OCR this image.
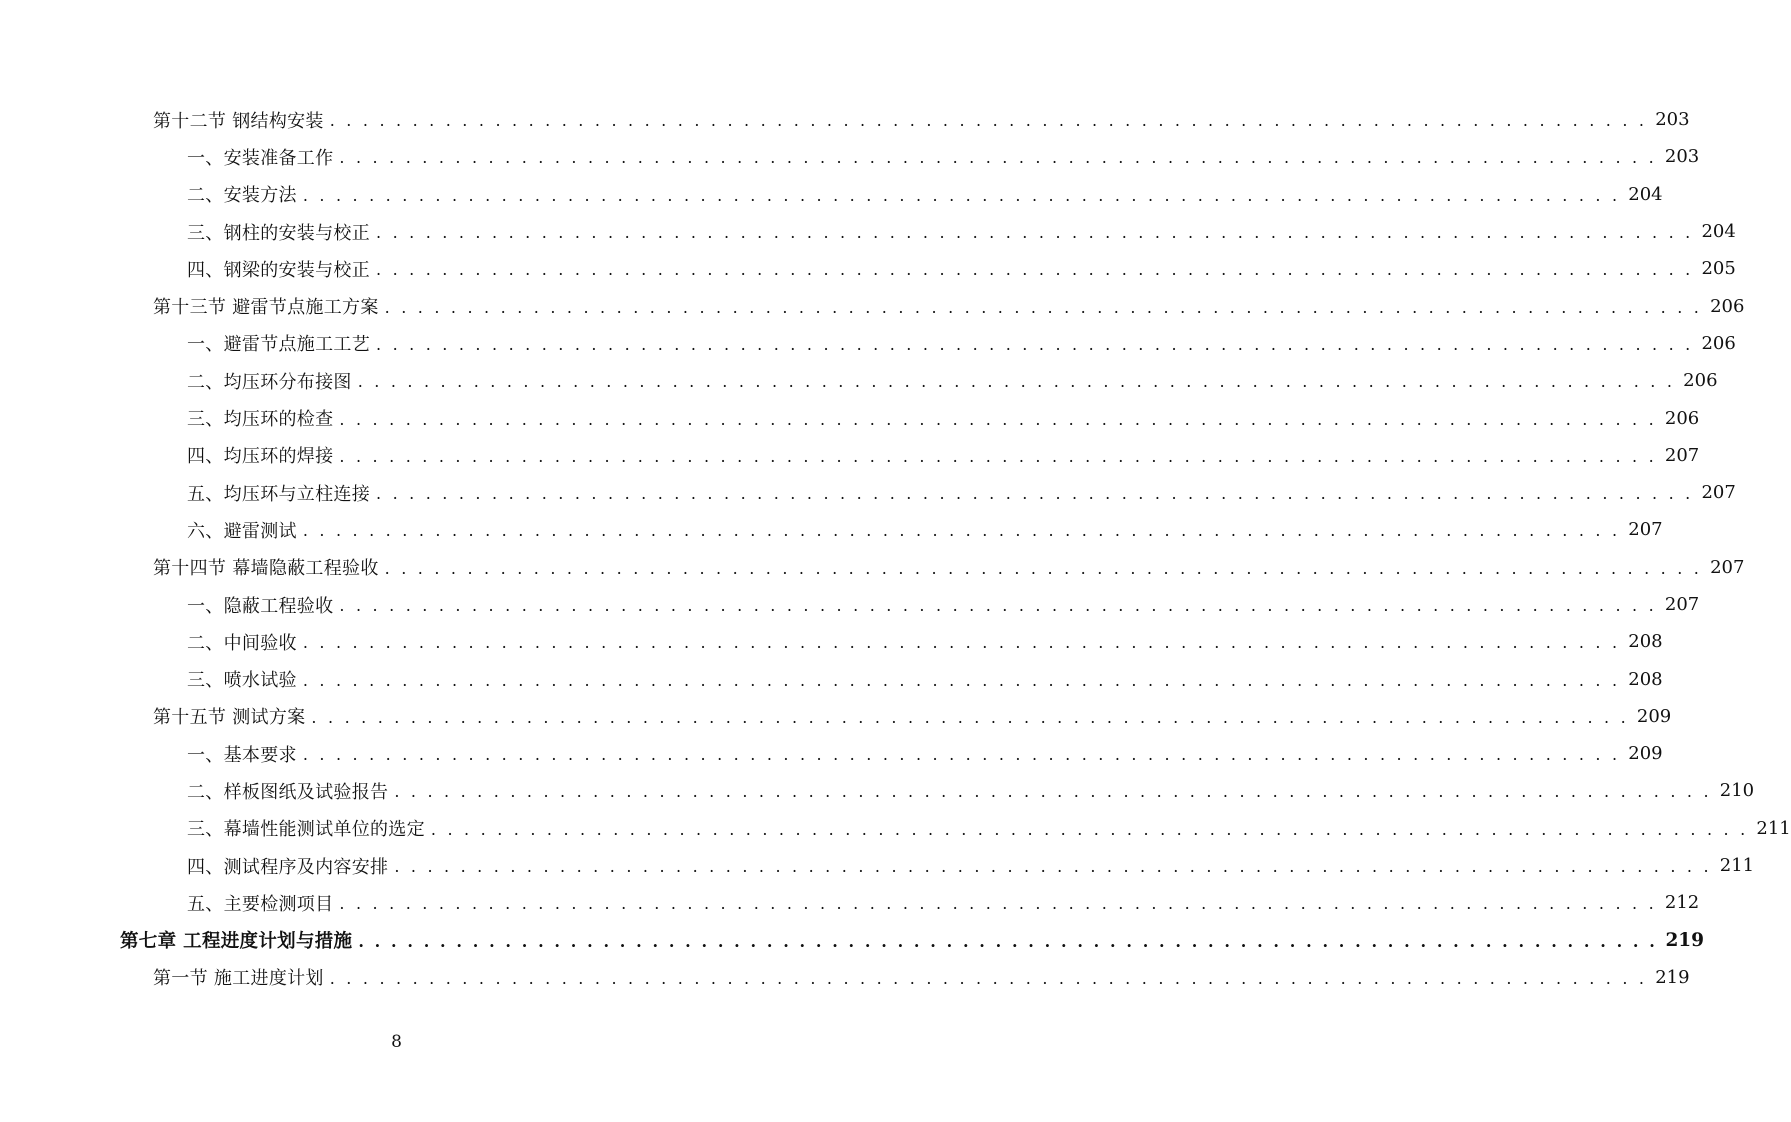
第十二节 钢结构安装 . . . . . . . . . . . . . . . . . . . . . . . . . . . . . . . . . . . . . . . . . . . . . . . . . . . . . . . . . . . . . . . . . . . . . . . . . . . . . . . . 203
一、安装准备工作 . . . . . . . . . . . . . . . . . . . . . . . . . . . . . . . . . . . . . . . . . . . . . . . . . . . . . . . . . . . . . . . . . . . . . . . . . . . . . . . . 203
二、安装方法 . . . . . . . . . . . . . . . . . . . . . . . . . . . . . . . . . . . . . . . . . . . . . . . . . . . . . . . . . . . . . . . . . . . . . . . . . . . . . . . . 204
三、钢柱的安装与校正 . . . . . . . . . . . . . . . . . . . . . . . . . . . . . . . . . . . . . . . . . . . . . . . . . . . . . . . . . . . . . . . . . . . . . . . . . . . . . . . . 204
四、钢梁的安装与校正 . . . . . . . . . . . . . . . . . . . . . . . . . . . . . . . . . . . . . . . . . . . . . . . . . . . . . . . . . . . . . . . . . . . . . . . . . . . . . . . . 205
第十三节 避雷节点施工方案 . . . . . . . . . . . . . . . . . . . . . . . . . . . . . . . . . . . . . . . . . . . . . . . . . . . . . . . . . . . . . . . . . . . . . . . . . . . . . . . . 206
一、避雷节点施工工艺 . . . . . . . . . . . . . . . . . . . . . . . . . . . . . . . . . . . . . . . . . . . . . . . . . . . . . . . . . . . . . . . . . . . . . . . . . . . . . . . . 206
二、均压环分布接图 . . . . . . . . . . . . . . . . . . . . . . . . . . . . . . . . . . . . . . . . . . . . . . . . . . . . . . . . . . . . . . . . . . . . . . . . . . . . . . . . 206
三、均压环的检查 . . . . . . . . . . . . . . . . . . . . . . . . . . . . . . . . . . . . . . . . . . . . . . . . . . . . . . . . . . . . . . . . . . . . . . . . . . . . . . . . 206
四、均压环的焊接 . . . . . . . . . . . . . . . . . . . . . . . . . . . . . . . . . . . . . . . . . . . . . . . . . . . . . . . . . . . . . . . . . . . . . . . . . . . . . . . . 207
五、均压环与立柱连接 . . . . . . . . . . . . . . . . . . . . . . . . . . . . . . . . . . . . . . . . . . . . . . . . . . . . . . . . . . . . . . . . . . . . . . . . . . . . . . . . 207
六、避雷测试 . . . . . . . . . . . . . . . . . . . . . . . . . . . . . . . . . . . . . . . . . . . . . . . . . . . . . . . . . . . . . . . . . . . . . . . . . . . . . . . . 207
第十四节 幕墙隐蔽工程验收 . . . . . . . . . . . . . . . . . . . . . . . . . . . . . . . . . . . . . . . . . . . . . . . . . . . . . . . . . . . . . . . . . . . . . . . . . . . . . . . . 207
一、隐蔽工程验收 . . . . . . . . . . . . . . . . . . . . . . . . . . . . . . . . . . . . . . . . . . . . . . . . . . . . . . . . . . . . . . . . . . . . . . . . . . . . . . . . 207
二、中间验收 . . . . . . . . . . . . . . . . . . . . . . . . . . . . . . . . . . . . . . . . . . . . . . . . . . . . . . . . . . . . . . . . . . . . . . . . . . . . . . . . 208
三、喷水试验 . . . . . . . . . . . . . . . . . . . . . . . . . . . . . . . . . . . . . . . . . . . . . . . . . . . . . . . . . . . . . . . . . . . . . . . . . . . . . . . . 208
第十五节 测试方案 . . . . . . . . . . . . . . . . . . . . . . . . . . . . . . . . . . . . . . . . . . . . . . . . . . . . . . . . . . . . . . . . . . . . . . . . . . . . . . . . 209
一、基本要求 . . . . . . . . . . . . . . . . . . . . . . . . . . . . . . . . . . . . . . . . . . . . . . . . . . . . . . . . . . . . . . . . . . . . . . . . . . . . . . . . 209
二、样板图纸及试验报告 . . . . . . . . . . . . . . . . . . . . . . . . . . . . . . . . . . . . . . . . . . . . . . . . . . . . . . . . . . . . . . . . . . . . . . . . . . . . . . . . 210
三、幕墙性能测试单位的选定 . . . . . . . . . . . . . . . . . . . . . . . . . . . . . . . . . . . . . . . . . . . . . . . . . . . . . . . . . . . . . . . . . . . . . . . . . . . . . . . . 211
四、测试程序及内容安排 . . . . . . . . . . . . . . . . . . . . . . . . . . . . . . . . . . . . . . . . . . . . . . . . . . . . . . . . . . . . . . . . . . . . . . . . . . . . . . . . 211
五、主要检测项目 . . . . . . . . . . . . . . . . . . . . . . . . . . . . . . . . . . . . . . . . . . . . . . . . . . . . . . . . . . . . . . . . . . . . . . . . . . . . . . . . 212
第七章 工程进度计划与措施 . . . . . . . . . . . . . . . . . . . . . . . . . . . . . . . . . . . . . . . . . . . . . . . . . . . . . . . . . . . . . . . . . . . . . . . . . . . . . . . . 219
第一节 施工进度计划 . . . . . . . . . . . . . . . . . . . . . . . . . . . . . . . . . . . . . . . . . . . . . . . . . . . . . . . . . . . . . . . . . . . . . . . . . . . . . . . . 219
8
